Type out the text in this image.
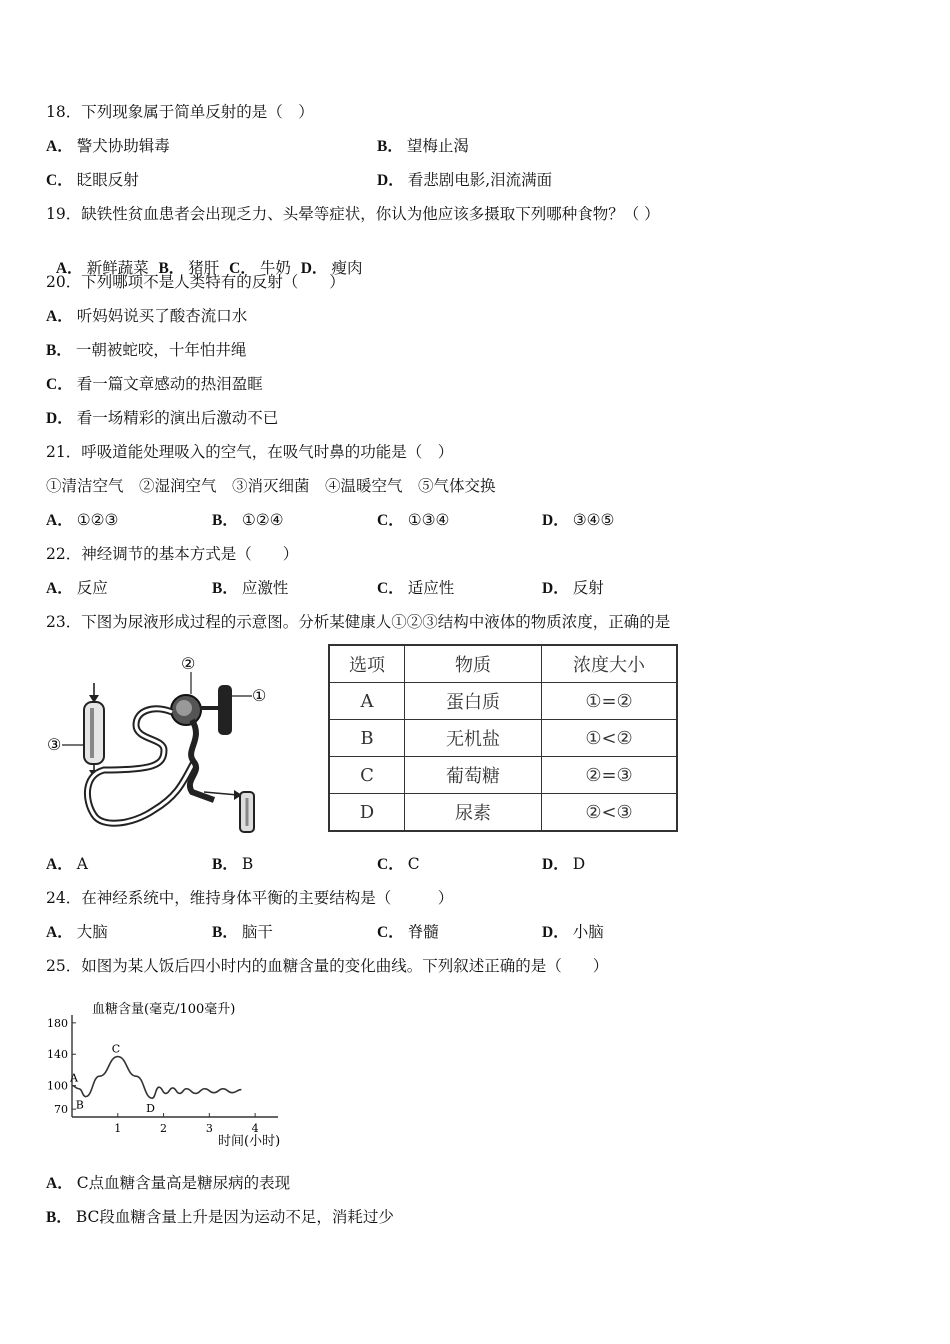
18．下列现象属于简单反射的是（　）
A． 警犬协助辑毒	B． 望梅止渴
C． 眨眼反射	D． 看悲剧电影,泪流满面
19．缺铁性贫血患者会出现乏力、头晕等症状，你认为他应该多摄取下列哪种食物？（ ）

A． 新鲜蔬菜 B． 猪肝 C． 牛奶 D． 瘦肉

20．下列哪项不是人类特有的反射（　　）
A． 听妈妈说买了酸杏流口水
B． 一朝被蛇咬，十年怕井绳
C． 看一篇文章感动的热泪盈眶
D． 看一场精彩的演出后激动不已
21．呼吸道能处理吸入的空气，在吸气时鼻的功能是（　）
①清洁空气　②湿润空气　③消灭细菌　④温暖空气　⑤气体交换
A． ①②③	B． ①②④	C． ①③④	D． ③④⑤
22．神经调节的基本方式是（　　）
A． 反应	B． 应激性	C． 适应性	D． 反射
23．下图为尿液形成过程的示意图。分析某健康人①②③结构中液体的物质浓度，正确的是
③
②
①
选项	物质	浓度大小
A	蛋白质	①=②
B	无机盐	①<②
C	葡萄糖	②=③
D	尿素	②<③
A． A	B． B	C． C	D． D
24．在神经系统中，维持身体平衡的主要结构是（　　　）
A． 大脑	B． 脑干	C． 脊髓	D． 小脑
25．如图为某人饭后四小时内的血糖含量的变化曲线。下列叙述正确的是（　　）
血糖含量(毫克/100毫升)
70
100
140
180
1	2	3	4
A
B
C
D
时间(小时)
A． C点血糖含量高是糖尿病的表现
B． BC段血糖含量上升是因为运动不足，消耗过少
